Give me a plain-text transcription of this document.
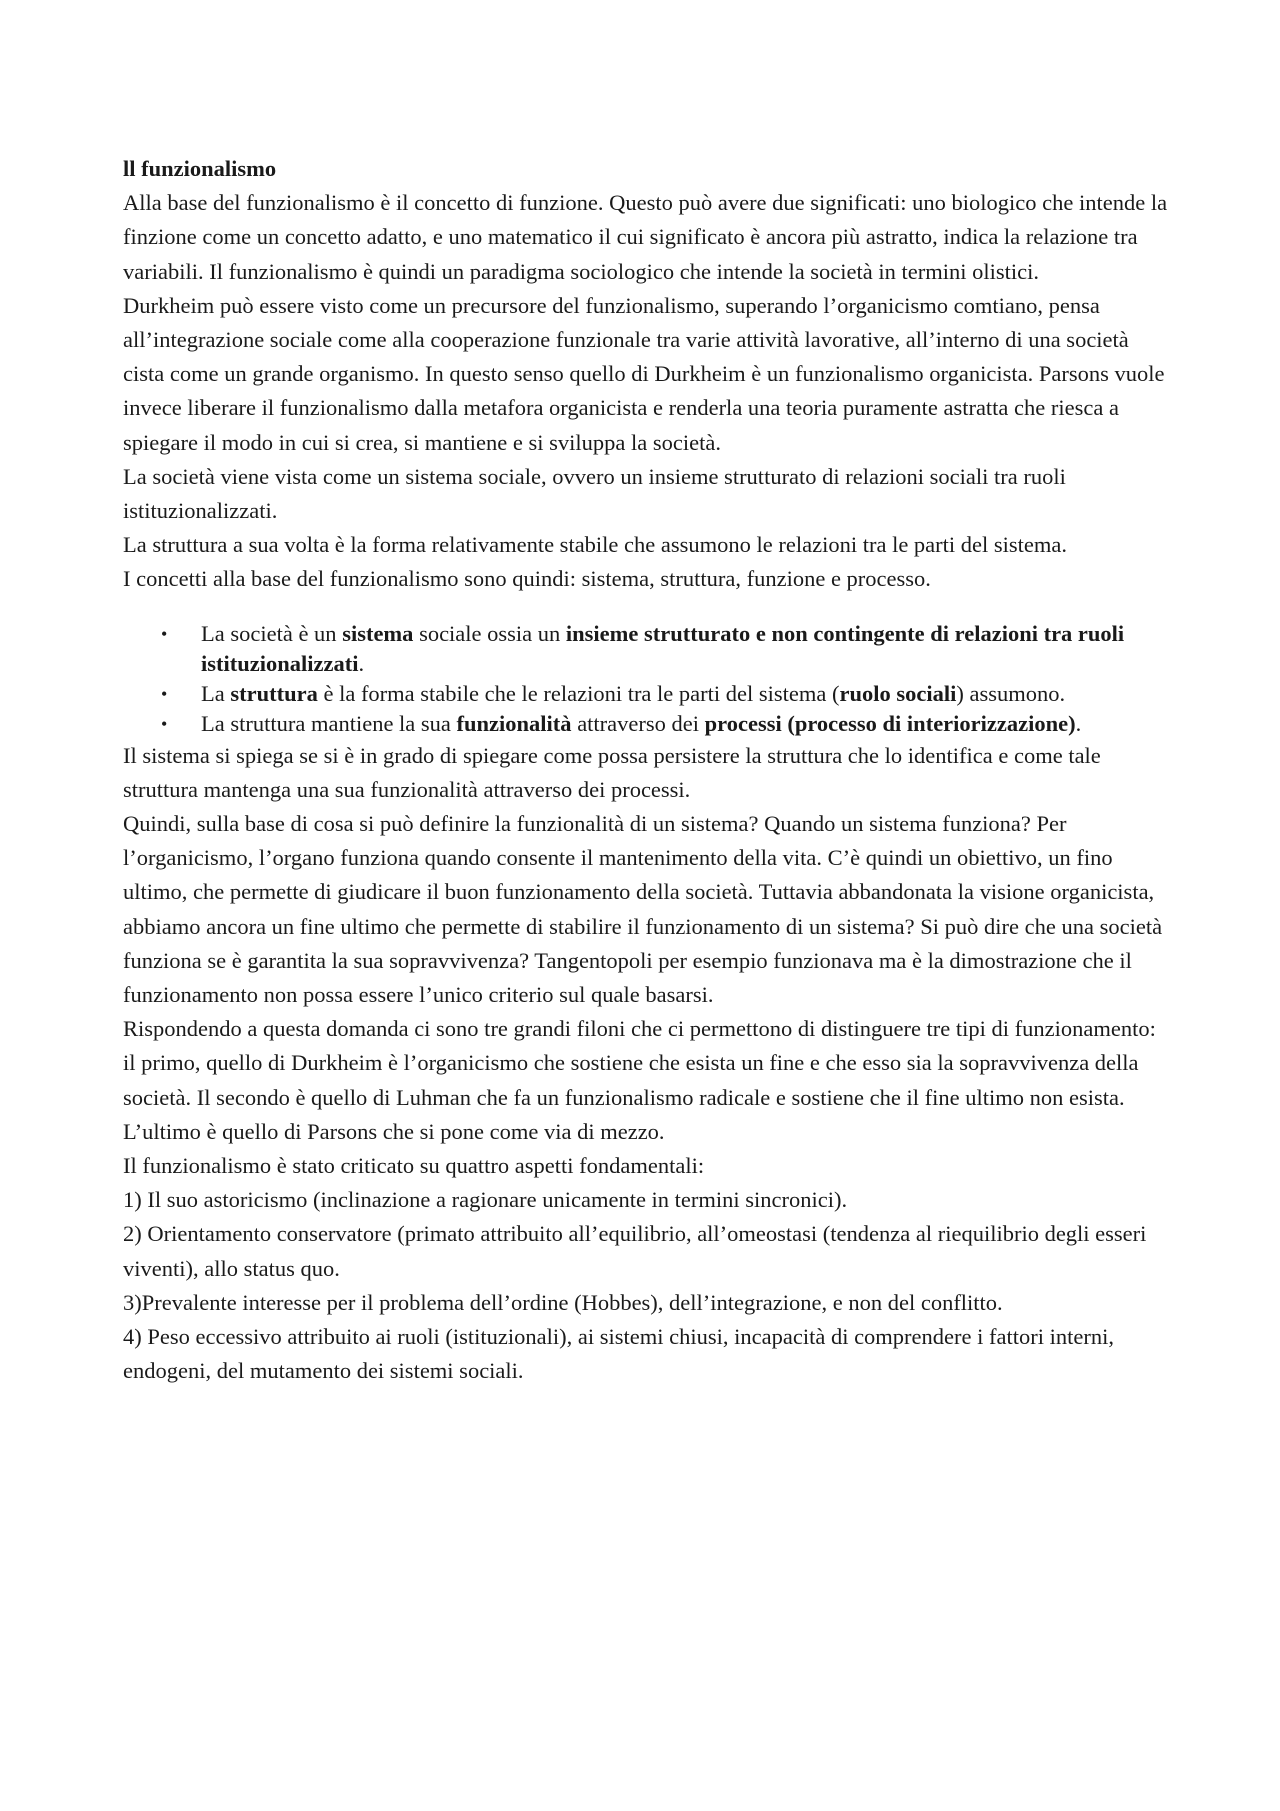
ll funzionalismo

Alla base del funzionalismo è il concetto di funzione. Questo può avere due significati: uno biologico che intende la finzione come un concetto adatto, e uno matematico il cui significato è ancora più astratto, indica la relazione tra variabili. Il funzionalismo è quindi un paradigma sociologico che intende la società in termini olistici.

Durkheim può essere visto come un precursore del funzionalismo, superando l’organicismo comtiano, pensa all’integrazione sociale come alla cooperazione funzionale tra varie attività lavorative, all’interno di una società cista come un grande organismo. In questo senso quello di Durkheim è un funzionalismo organicista. Parsons vuole invece liberare il funzionalismo dalla metafora organicista e renderla una teoria puramente astratta che riesca a spiegare il modo in cui si crea, si mantiene e si sviluppa la società.

La società viene vista come un sistema sociale, ovvero un insieme strutturato di relazioni sociali tra ruoli istituzionalizzati.

La struttura a sua volta è la forma relativamente stabile che assumono le relazioni tra le parti del sistema.

I concetti alla base del funzionalismo sono quindi: sistema, struttura, funzione e processo.

• La società è un sistema sociale ossia un insieme strutturato e non contingente di relazioni tra ruoli istituzionalizzati.
• La struttura è la forma stabile che le relazioni tra le parti del sistema (ruolo sociali) assumono.
• La struttura mantiene la sua funzionalità attraverso dei processi (processo di interiorizzazione).

Il sistema si spiega se si è in grado di spiegare come possa persistere la struttura che lo identifica e come tale struttura mantenga una sua funzionalità attraverso dei processi.

Quindi, sulla base di cosa si può definire la funzionalità di un sistema? Quando un sistema funziona? Per l’organicismo, l’organo funziona quando consente il mantenimento della vita. C’è quindi un obiettivo, un fino ultimo, che permette di giudicare il buon funzionamento della società. Tuttavia abbandonata la visione organicista, abbiamo ancora un fine ultimo che permette di stabilire il funzionamento di un sistema? Si può dire che una società funziona se è garantita la sua sopravvivenza? Tangentopoli per esempio funzionava ma è la dimostrazione che il funzionamento non possa essere l’unico criterio sul quale basarsi.

Rispondendo a questa domanda ci sono tre grandi filoni che ci permettono di distinguere tre tipi di funzionamento: il primo, quello di Durkheim è l’organicismo che sostiene che esista un fine e che esso sia la sopravvivenza della società. Il secondo è quello di Luhman che fa un funzionalismo radicale e sostiene che il fine ultimo non esista. L’ultimo è quello di Parsons che si pone come via di mezzo.

Il funzionalismo è stato criticato su quattro aspetti fondamentali:

1) Il suo astoricismo (inclinazione a ragionare unicamente in termini sincronici).

2) Orientamento conservatore (primato attribuito all’equilibrio, all’omeostasi (tendenza al riequilibrio degli esseri viventi), allo status quo.

3)Prevalente interesse per il problema dell’ordine (Hobbes), dell’integrazione, e non del conflitto.

4) Peso eccessivo attribuito ai ruoli (istituzionali), ai sistemi chiusi, incapacità di comprendere i fattori interni, endogeni, del mutamento dei sistemi sociali.
